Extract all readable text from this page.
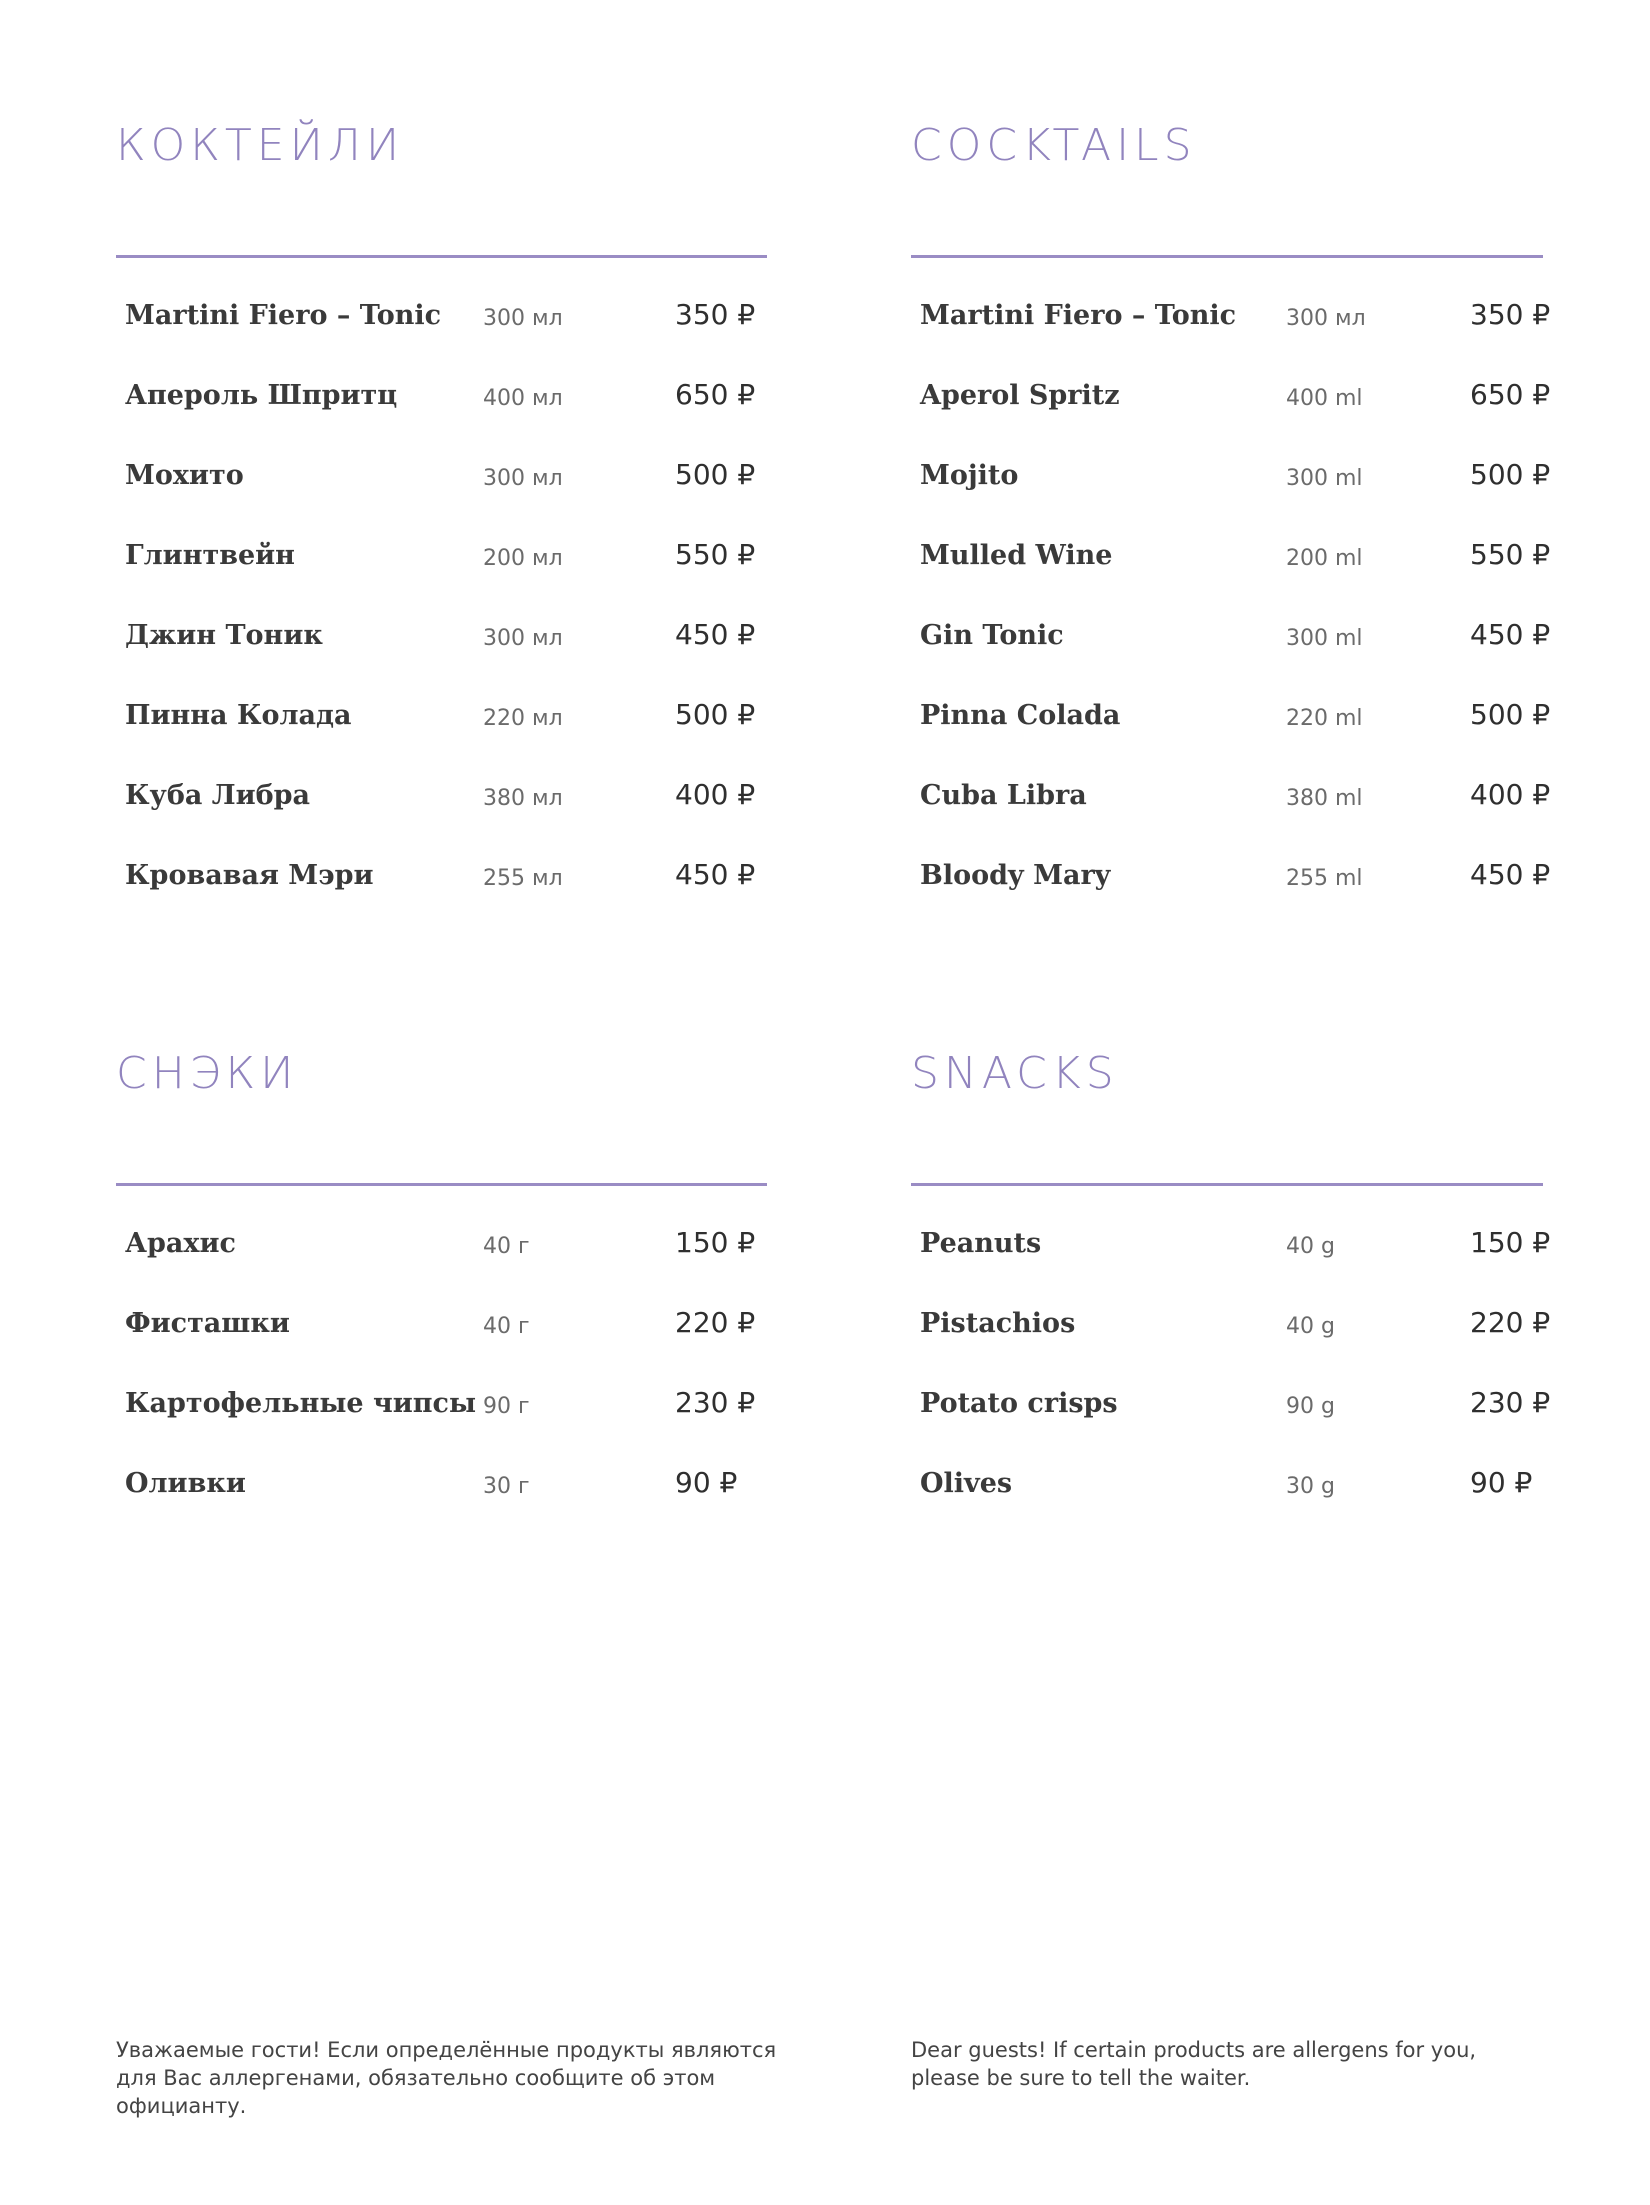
КОКТЕЙЛИ
Martini Fiero – Tonic 300 мл	350 ₽
Апероль Шпритц	400 мл	650 ₽
Мохито	300 мл	500 ₽
Глинтвейн	200 мл	550 ₽
Джин Тоник	300 мл	450 ₽
Пинна Колада	220 мл	500 ₽
Куба Либра	380 мл	400 ₽
Кровавая Мэри	255 мл	450 ₽
СНЭКИ
Арахис	40 г	150 ₽
Фисташки	40 г	220 ₽
Картофельные чипсы 90 г	230 ₽
Оливки	30 г	90 ₽

Уважаемые гости! Если определённые продукты являются для Вас аллергенами, обязательно сообщите об этом официанту.

COCKTAILS
Martini Fiero – Tonic 300 мл	350 ₽
Aperol Spritz	400 ml	650 ₽
Mojito	300 ml	500 ₽
Mulled Wine	200 ml	550 ₽
Gin Tonic	300 ml	450 ₽
Pinna Colada	220 ml	500 ₽
Cuba Libra	380 ml	400 ₽
Bloody Mary	255 ml	450 ₽
SNACKS
Peanuts	40 g	150 ₽
Pistachios	40 g	220 ₽
Potato crisps	90 g	230 ₽
Olives	30 g	90 ₽

Dear guests! If certain products are allergens for you, please be sure to tell the waiter.
